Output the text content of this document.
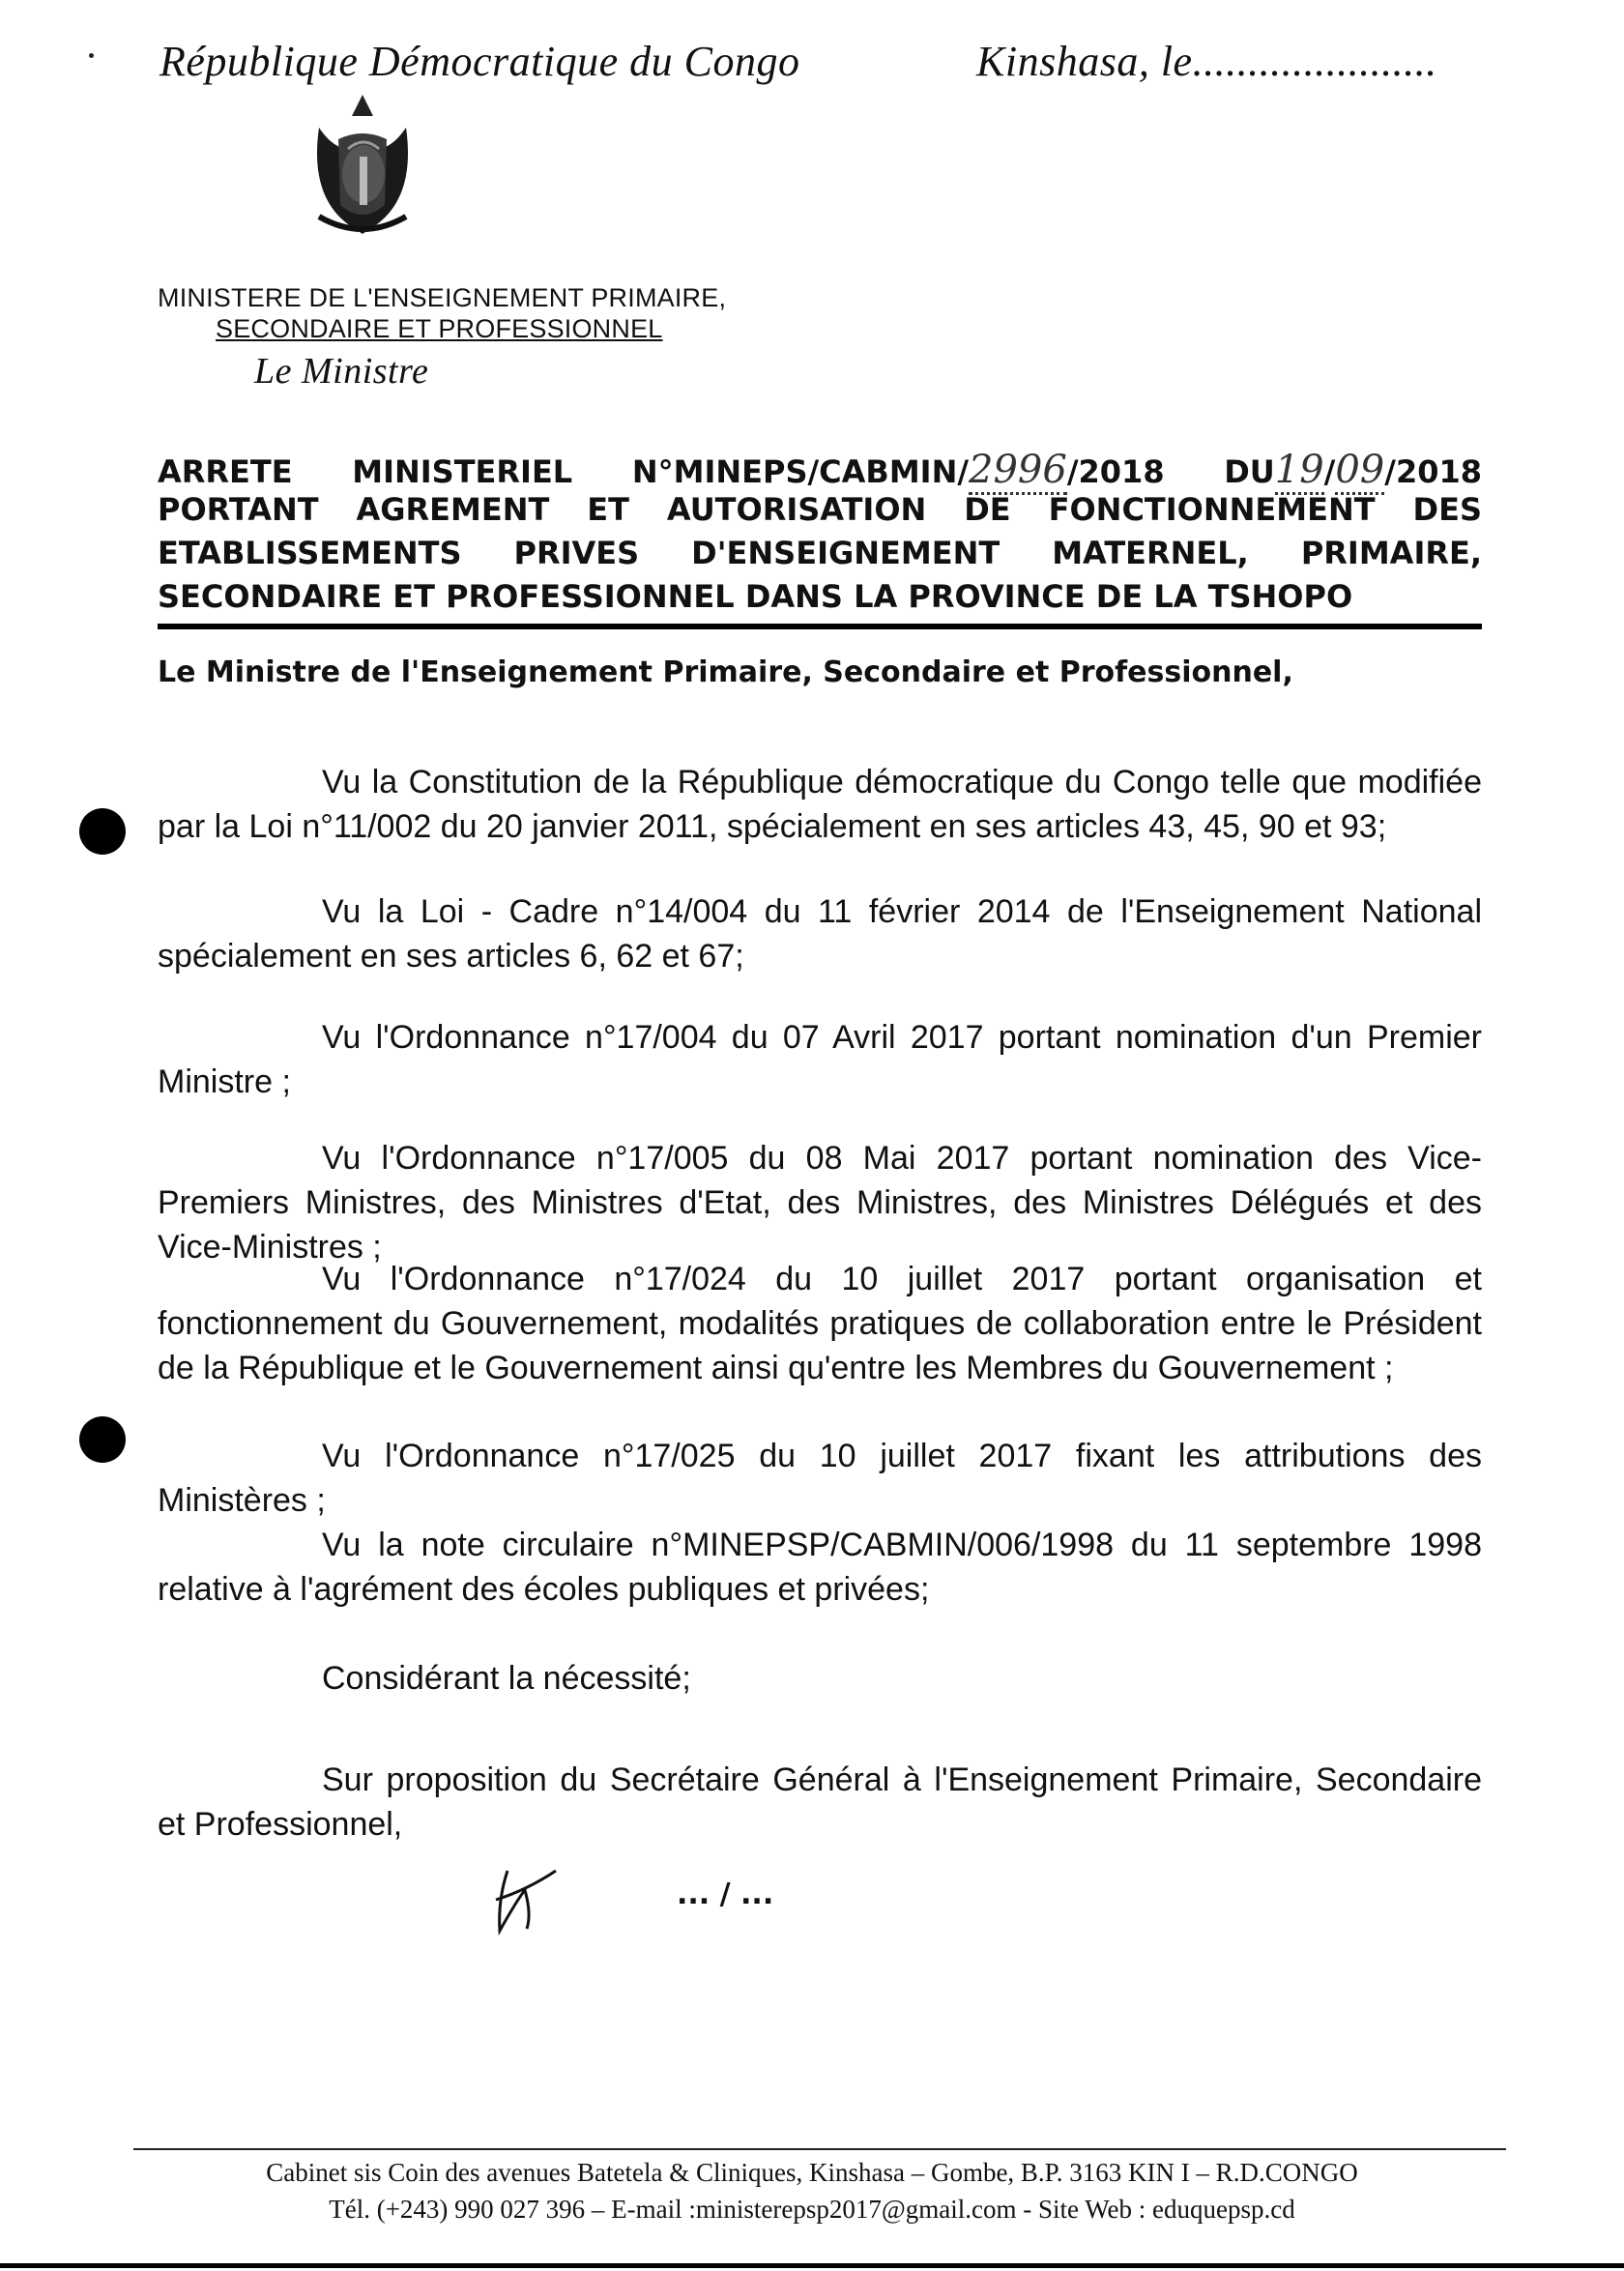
République Démocratique du Congo	Kinshasa, le......................
MINISTERE DE L'ENSEIGNEMENT PRIMAIRE,
SECONDAIRE ET PROFESSIONNEL
Le Ministre
ARRETE MINISTERIEL N°MINEPS/CABMIN/2996/2018 DU19/09/2018
PORTANT AGREMENT ET AUTORISATION DE FONCTIONNEMENT DES
ETABLISSEMENTS PRIVES D'ENSEIGNEMENT MATERNEL, PRIMAIRE,
SECONDAIRE ET PROFESSIONNEL DANS LA PROVINCE DE LA TSHOPO
Le Ministre de l'Enseignement Primaire, Secondaire et Professionnel,
Vu la Constitution de la République démocratique du Congo telle que modifiée par la Loi n°11/002 du 20 janvier 2011, spécialement en ses articles 43, 45, 90 et 93;
Vu la Loi - Cadre n°14/004 du 11 février 2014 de l'Enseignement National spécialement en ses articles 6, 62 et 67;
Vu l'Ordonnance n°17/004 du 07 Avril 2017 portant nomination d'un Premier Ministre ;
Vu l'Ordonnance n°17/005 du 08 Mai 2017 portant nomination des Vice-Premiers Ministres, des Ministres d'Etat, des Ministres, des Ministres Délégués et des Vice-Ministres ;
Vu l'Ordonnance n°17/024 du 10 juillet 2017 portant organisation et fonctionnement du Gouvernement, modalités pratiques de collaboration entre le Président de la République et le Gouvernement ainsi qu'entre les Membres du Gouvernement ;
Vu l'Ordonnance n°17/025 du 10 juillet 2017 fixant les attributions des Ministères ;
Vu la note circulaire n°MINEPSP/CABMIN/006/1998 du 11 septembre 1998 relative à l'agrément des écoles publiques et privées;
Considérant la nécessité;
Sur proposition du Secrétaire Général à l'Enseignement Primaire, Secondaire et Professionnel,
... / ...
Cabinet sis Coin des avenues Batetela & Cliniques, Kinshasa – Gombe, B.P. 3163 KIN I – R.D.CONGO
Tél. (+243) 990 027 396 – E-mail :ministerepsp2017@gmail.com - Site Web : eduquepsp.cd
